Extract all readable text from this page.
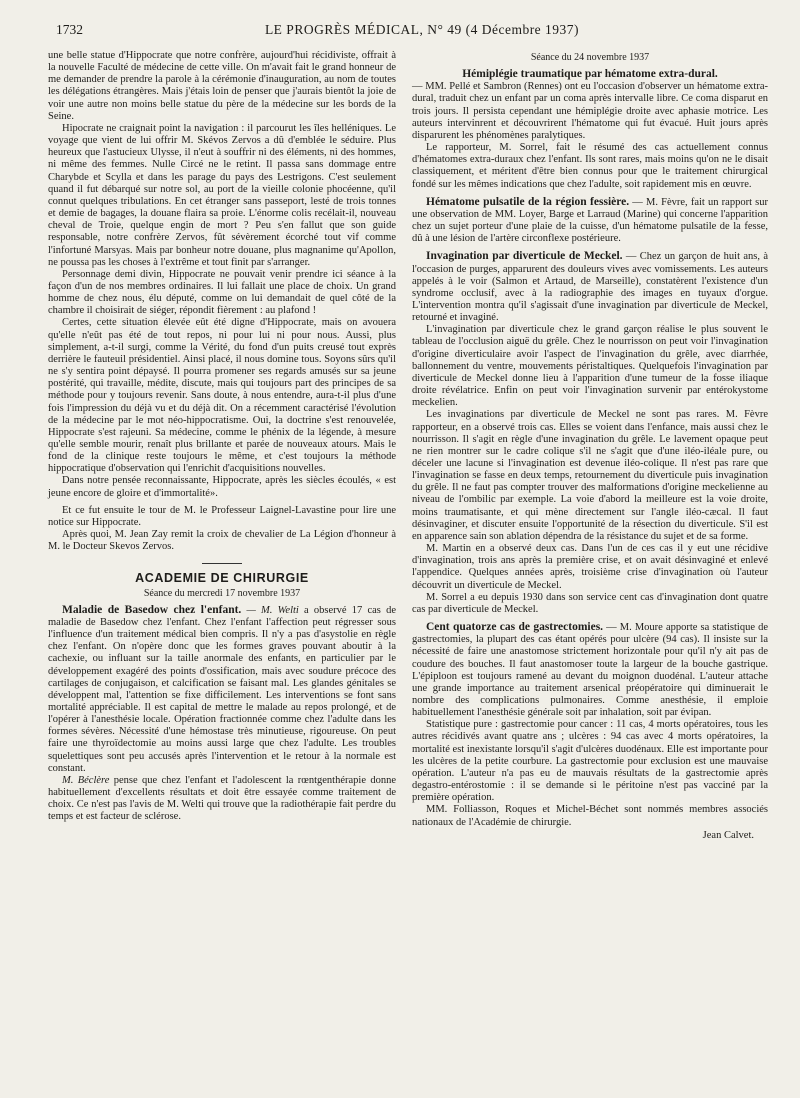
1732	LE PROGRÈS MÉDICAL, N° 49 (4 Décembre 1937)

une belle statue d'Hippocrate que notre confrère, aujourd'hui récidiviste, offrait à la nouvelle Faculté de médecine de cette ville. On m'avait fait le grand honneur de me demander de prendre la parole à la cérémonie d'inauguration, au nom de toutes les délégations étrangères. Mais j'étais loin de penser que j'aurais bientôt la joie de voir une autre non moins belle statue du père de la médecine sur les bords de la Seine.

Hipocrate ne craignait point la navigation : il parcourut les îles helléniques. Le voyage que vient de lui offrir M. Skévos Zervos a dû d'emblée le séduire. Plus heureux que l'astucieux Ulysse, il n'eut à souffrir ni des éléments, ni des hommes, ni même des femmes. Nulle Circé ne le retint. Il passa sans dommage entre Charybde et Scylla et dans les parage du pays des Lestrigons. C'est seulement quand il fut débarqué sur notre sol, au port de la vieille colonie phocéenne, qu'il connut quelques tribulations. En cet étranger sans passeport, lesté de trois tonnes et demie de bagages, la douane flaira sa proie. L'énorme colis recélait-il, nouveau cheval de Troie, quelque engin de mort ? Peu s'en fallut que son guide responsable, notre confrère Zervos, fût sévèrement écorché tout vif comme l'infortuné Marsyas. Mais par bonheur notre douane, plus magnanime qu'Apollon, ne poussa pas les choses à l'extrême et tout finit par s'arranger.

Personnage demi divin, Hippocrate ne pouvait venir prendre ici séance à la façon d'un de nos membres ordinaires. Il lui fallait une place de choix. Un grand homme de chez nous, élu député, comme on lui demandait de quel côté de la chambre il choisirait de siéger, répondit fièrement : au plafond !

Certes, cette situation élevée eût été digne d'Hippocrate, mais on avouera qu'elle n'eût pas été de tout repos, ni pour lui ni pour nous. Aussi, plus simplement, a-t-il surgi, comme la Vérité, du fond d'un puits creusé tout exprès derrière le fauteuil présidentiel. Ainsi placé, il nous domine tous. Soyons sûrs qu'il ne s'y sentira point dépaysé. Il pourra promener ses regards amusés sur sa jeune postérité, qui travaille, médite, discute, mais qui toujours part des principes de sa méthode pour y toujours revenir. Sans doute, à nous entendre, aura-t-il plus d'une fois l'impression du déjà vu et du déjà dit. On a récemment caractérisé l'évolution de la médecine par le mot néo-hippocratisme. Oui, la doctrine s'est renouvelée, Hippocrate s'est rajeuni. Sa médecine, comme le phénix de la légende, à mesure qu'elle semble mourir, renaît plus brillante et parée de nouveaux atours. Mais le fond de la clinique reste toujours le même, et c'est toujours la méthode hippocratique d'observation qui l'enrichit d'acquisitions nouvelles.

Dans notre pensée reconnaissante, Hippocrate, après les siècles écoulés, « est jeune encore de gloire et d'immortalité».

Et ce fut ensuite le tour de M. le Professeur Laignel-Lavastine pour lire une notice sur Hippocrate.

Après quoi, M. Jean Zay remit la croix de chevalier de La Légion d'honneur à M. le Docteur Skevos Zervos.

ACADEMIE DE CHIRURGIE
Séance du mercredi 17 novembre 1937

Maladie de Basedow chez l'enfant. — M. Welti a observé 17 cas de maladie de Basedow chez l'enfant. Chez l'enfant l'affection peut régresser sous l'influence d'un traitement médical bien compris. Il n'y a pas d'asystolie en règle chez l'enfant. On n'opère donc que les formes graves pouvant aboutir à la cachexie, ou influant sur la taille anormale des enfants, en particulier par le développement exagéré des points d'ossification, mais avec soudure précoce des cartilages de conjugaison, et calcification se faisant mal. Les glandes génitales se développent mal, l'attention se fixe difficilement. Les interventions se font sans mortalité appréciable. Il est capital de mettre le malade au repos prolongé, et de l'opérer à l'anesthésie locale. Opération fractionnée comme chez l'adulte dans les formes sévères. Nécessité d'une hémostase très minutieuse, rigoureuse. On peut faire une thyroïdectomie au moins aussi large que chez l'adulte. Les troubles squelettiques sont peu accusés après l'intervention et le retour à la normale est constant.

M. Béclère pense que chez l'enfant et l'adolescent la rœntgenthérapie donne habituellement d'excellents résultats et doit être essayée comme traitement de choix. Ce n'est pas l'avis de M. Welti qui trouve que la radiothérapie fait perdre du temps et est facteur de sclérose.

Séance du 24 novembre 1937
Hémiplégie traumatique par hématome extra-dural.

— MM. Pellé et Sambron (Rennes) ont eu l'occasion d'observer un hématome extra-dural, traduit chez un enfant par un coma après intervalle libre. Ce coma disparut en trois jours. Il persista cependant une hémiplégie droite avec aphasie motrice. Les auteurs intervinrent et découvrirent l'hématome qui fut évacué. Huit jours après disparurent les phénomènes paralytiques.

Le rapporteur, M. Sorrel, fait le résumé des cas actuellement connus d'hématomes extra-duraux chez l'enfant. Ils sont rares, mais moins qu'on ne le disait classiquement, et méritent d'être bien connus pour que le traitement chirurgical fondé sur les mêmes indications que chez l'adulte, soit rapidement mis en œuvre.

Hématome pulsatile de la région fessière. — M. Fèvre, fait un rapport sur une observation de MM. Loyer, Barge et Larraud (Marine) qui concerne l'apparition chez un sujet porteur d'une plaie de la cuisse, d'un hématome pulsatile de la fesse, dû à une lésion de l'artère circonflexe postérieure.

Invagination par diverticule de Meckel. — Chez un garçon de huit ans, à l'occasion de purges, apparurent des douleurs vives avec vomissements. Les auteurs appelés à le voir (Salmon et Artaud, de Marseille), constatèrent l'existence d'un syndrome occlusif, avec à la radiographie des images en tuyaux d'orgue. L'intervention montra qu'il s'agissait d'une invagination par diverticule de Meckel, retourné et invaginé.

L'invagination par diverticule chez le grand garçon réalise le plus souvent le tableau de l'occlusion aiguë du grêle. Chez le nourrisson on peut voir l'invagination d'origine diverticulaire avoir l'aspect de l'invagination du grêle, avec diarrhée, ballonnement du ventre, mouvements péristaltiques. Quelquefois l'invagination par diverticule de Meckel donne lieu à l'apparition d'une tumeur de la fosse iliaque droite révélatrice. Enfin on peut voir l'invagination survenir par entérokystome meckelien.

Les invaginations par diverticule de Meckel ne sont pas rares. M. Fèvre rapporteur, en a observé trois cas. Elles se voient dans l'enfance, mais aussi chez le nourrisson. Il s'agit en règle d'une invagination du grêle. Le lavement opaque peut ne rien montrer sur le cadre colique s'il ne s'agit que d'une iléo-iléale pure, ou déceler une lacune si l'invagination est devenue iléo-colique. Il n'est pas rare que l'invagination se fasse en deux temps, retournement du diverticule puis invagination du grêle. Il ne faut pas compter trouver des malformations d'origine meckelienne au niveau de l'ombilic par exemple. La voie d'abord la meilleure est la voie droite, moins traumatisante, et qui mène directement sur l'angle iléo-cæcal. Il faut désinvaginer, et discuter ensuite l'opportunité de la résection du diverticule. S'il est en apparence sain son ablation dépendra de la résistance du sujet et de sa forme.

M. Martin en a observé deux cas. Dans l'un de ces cas il y eut une récidive d'invagination, trois ans après la première crise, et on avait désinvaginé et enlevé l'appendice. Quelques années après, troisième crise d'invagination où l'auteur découvrit un diverticule de Meckel.

M. Sorrel a eu depuis 1930 dans son service cent cas d'invagination dont quatre cas par diverticule de Meckel.

Cent quatorze cas de gastrectomies. — M. Moure apporte sa statistique de gastrectomies, la plupart des cas étant opérés pour ulcère (94 cas). Il insiste sur la nécessité de faire une anastomose strictement horizontale pour qu'il n'y ait pas de coudure des bouches. Il faut anastomoser toute la largeur de la bouche gastrique. L'épiploon est toujours ramené au devant du moignon duodénal. L'auteur attache une grande importance au traitement arsenical préopératoire qui diminuerait le nombre des complications pulmonaires. Comme anesthésie, il emploie habituellement l'anesthésie générale soit par inhalation, soit par évipan.

Statistique pure : gastrectomie pour cancer : 11 cas, 4 morts opératoires, tous les autres récidivés avant quatre ans ; ulcères : 94 cas avec 4 morts opératoires, la mortalité est inexistante lorsqu'il s'agit d'ulcères duodénaux. Elle est importante pour les ulcères de la petite courbure. La gastrectomie pour exclusion est une mauvaise opération. L'auteur n'a pas eu de mauvais résultats de la gastrectomie après degastro-entérostomie : il se demande si le péritoine n'est pas vacciné par la première opération.

MM. Folliasson, Roques et Michel-Béchet sont nommés membres associés nationaux de l'Académie de chirurgie.

Jean Calvet.
